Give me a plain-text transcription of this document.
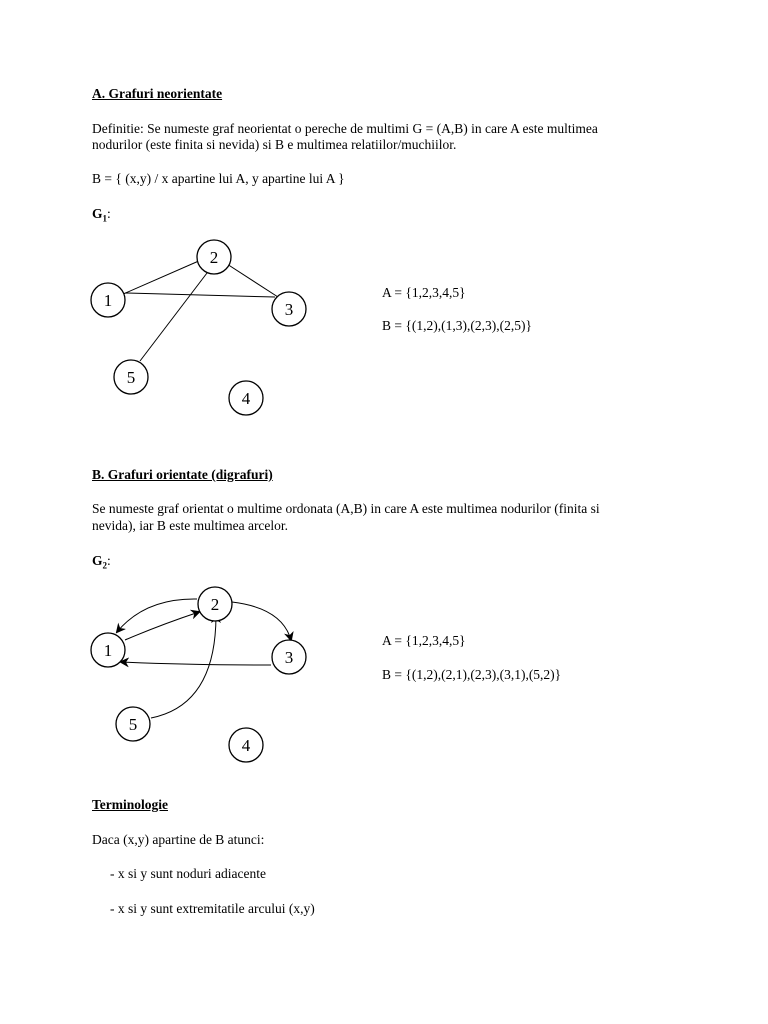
A. Grafuri neorientate

Definitie: Se numeste graf neorientat o pereche de multimi G = (A,B) in care A este multimea

nodurilor (este finita si nevida) si B e multimea relatiilor/muchiilor.

B = { (x,y) / x apartine lui A, y apartine lui A }

$G_1$:

1
2
3
4
5

A = {1,2,3,4,5}

B = {(1,2),(1,3),(2,3),(2,5)}

B. Grafuri orientate (digrafuri)

Se numeste graf orientat o multime ordonata (A,B) in care A este multimea nodurilor (finita si

nevida), iar B este multimea arcelor.

$G_2$:

1
2
3
4
5

A = {1,2,3,4,5}

B = {(1,2),(2,1),(2,3),(3,1),(5,2)}

Terminologie

Daca (x,y) apartine de B atunci:

- x si y sunt noduri adiacente

- x si y sunt extremitatile arcului (x,y)
